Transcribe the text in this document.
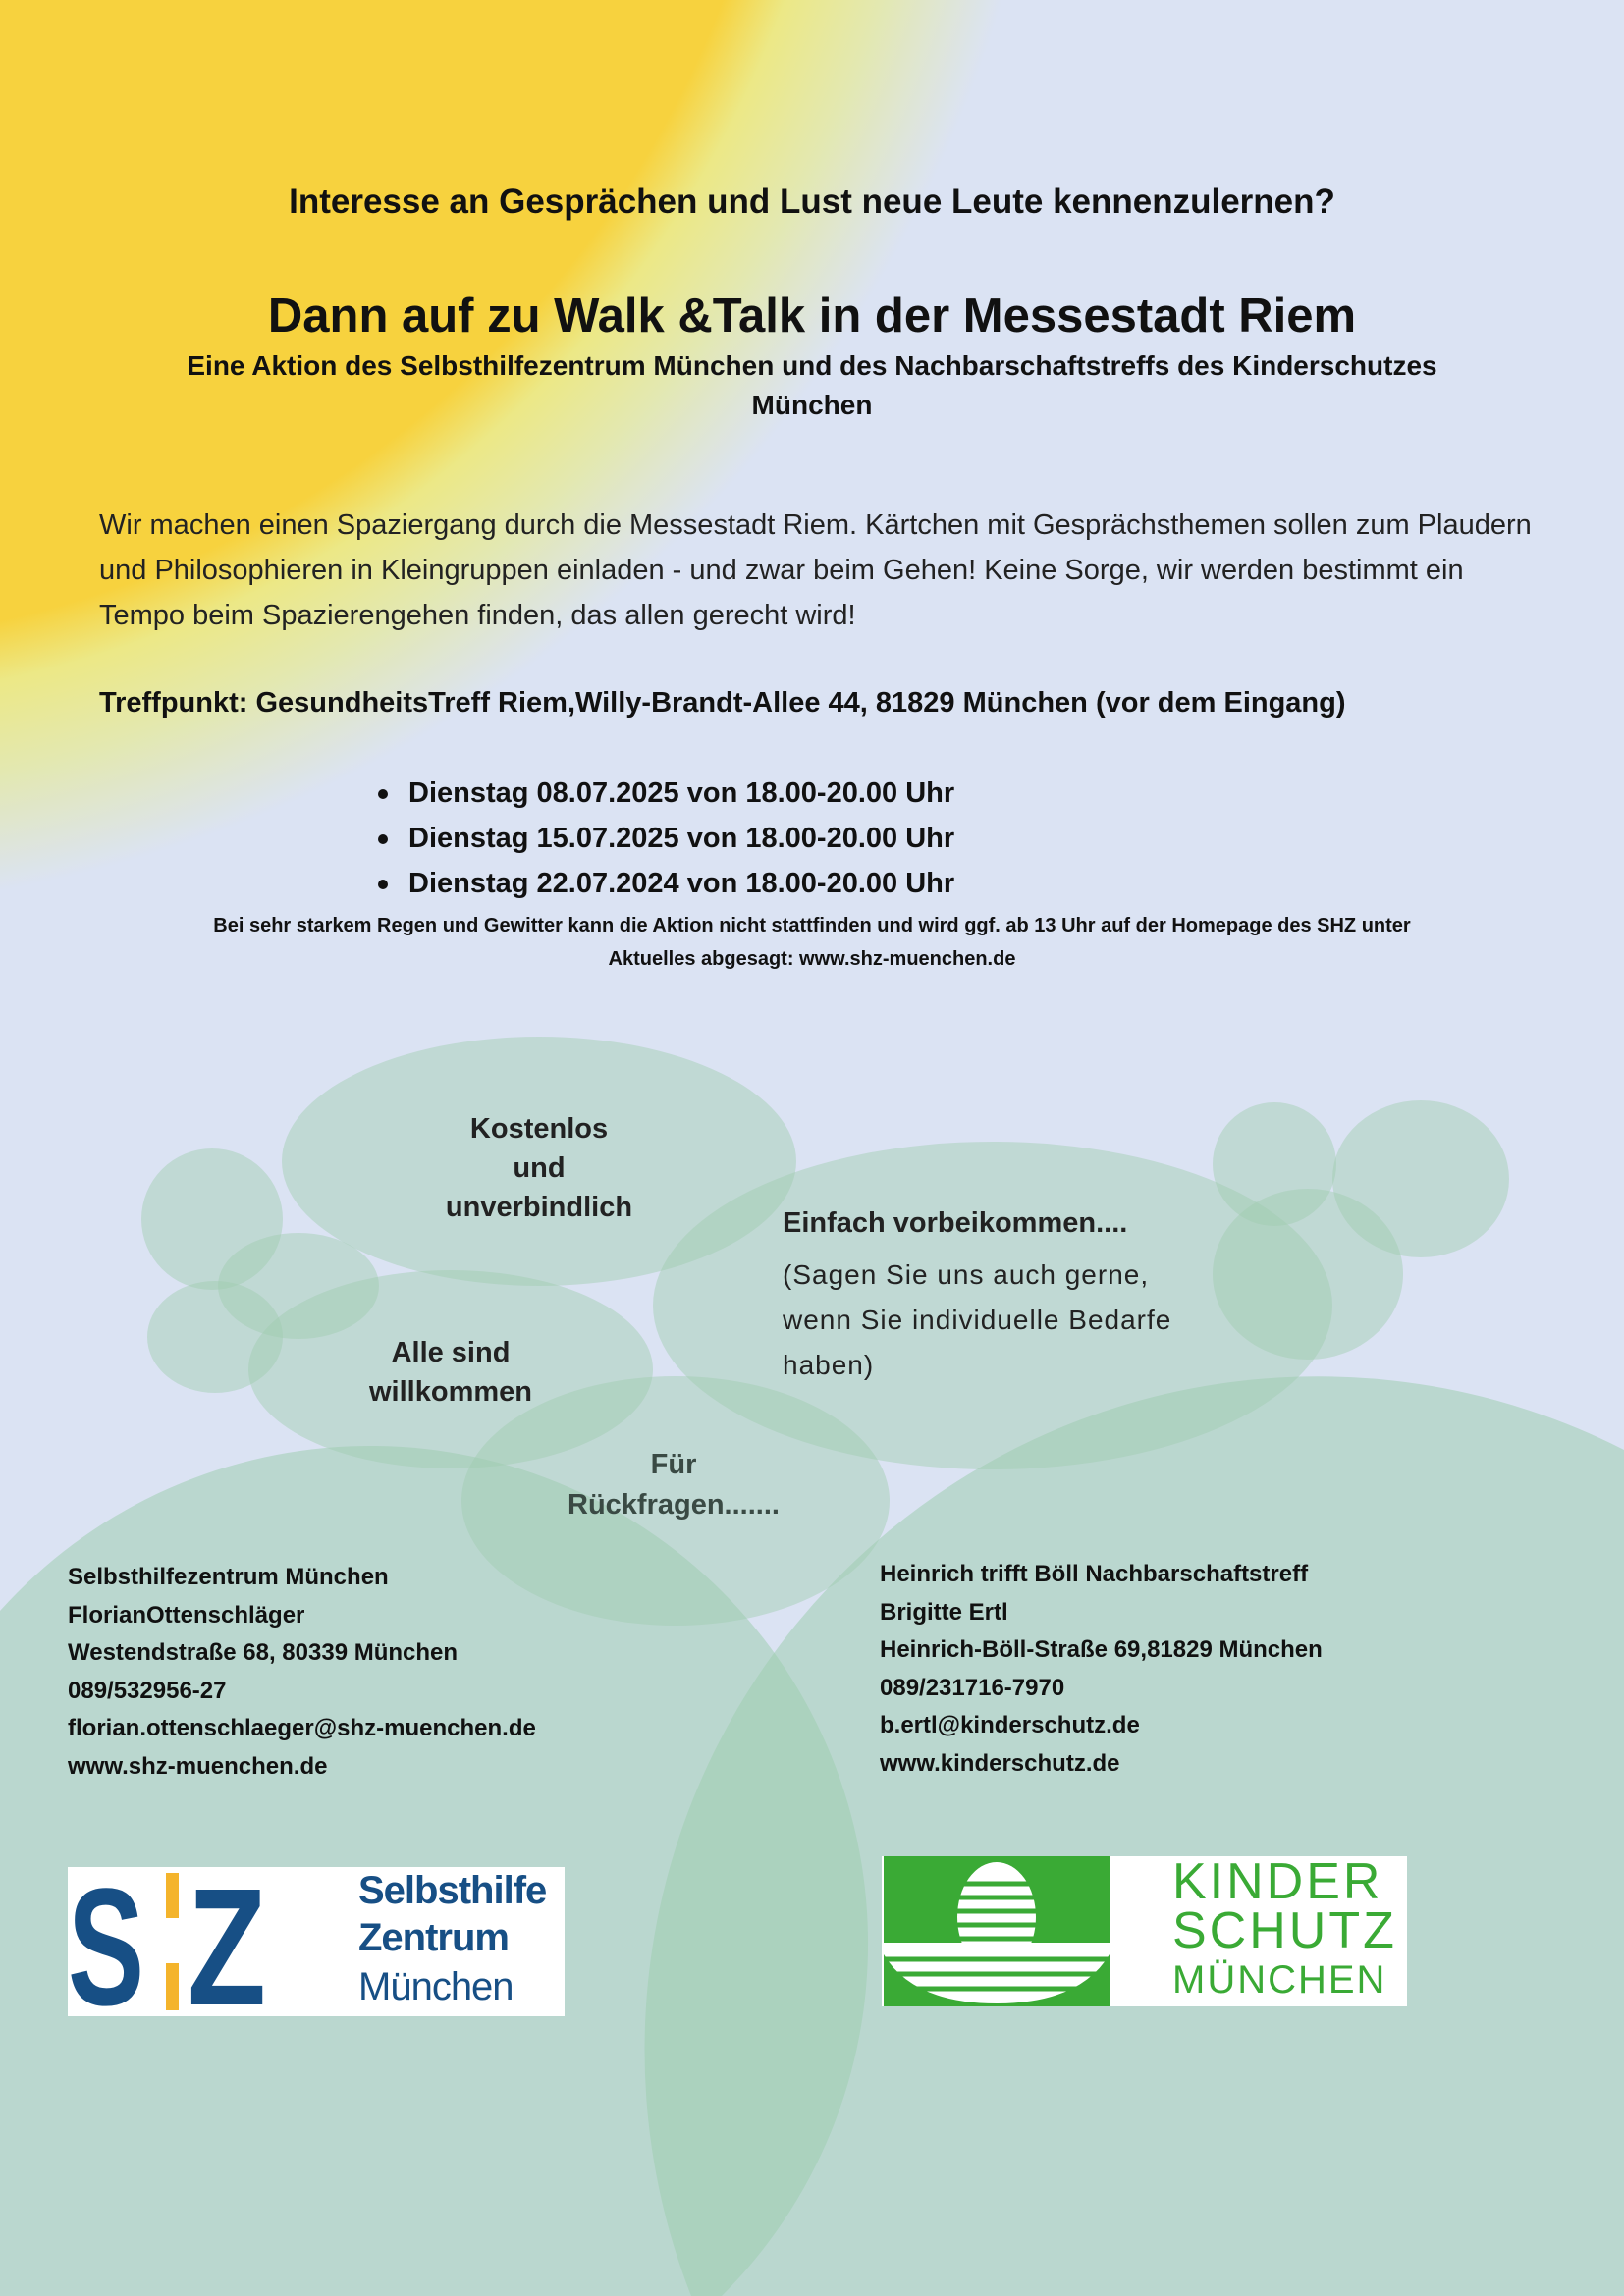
Interesse an Gesprächen und Lust neue Leute kennenzulernen?
Dann auf zu Walk &Talk in der Messestadt Riem
Eine Aktion des Selbsthilfezentrum München und des Nachbarschaftstreffs des Kinderschutzes
München
Wir machen einen Spaziergang durch die Messestadt Riem. Kärtchen mit Gesprächsthemen sollen zum Plaudern und Philosophieren in Kleingruppen einladen - und zwar beim Gehen! Keine Sorge, wir werden bestimmt ein Tempo beim Spazierengehen finden, das allen gerecht wird!
Treffpunkt: GesundheitsTreff Riem,Willy-Brandt-Allee 44, 81829 München (vor dem Eingang)
Dienstag 08.07.2025 von 18.00-20.00 Uhr
Dienstag 15.07.2025 von 18.00-20.00 Uhr
Dienstag 22.07.2024 von 18.00-20.00 Uhr
Bei sehr starkem Regen und Gewitter kann die Aktion nicht stattfinden und wird ggf. ab 13 Uhr auf der Homepage des SHZ unter
Aktuelles abgesagt: www.shz-muenchen.de
Kostenlos
und
unverbindlich	Einfach vorbeikommen....
(Sagen Sie uns auch gerne,
wenn Sie individuelle Bedarfe
haben)
Alle sind
willkommen
Für
Rückfragen.......
Selbsthilfezentrum München
FlorianOttenschläger
Westendstraße 68, 80339 München
089/532956-27
florian.ottenschlaeger@shz-muenchen.de
www.shz-muenchen.de
Heinrich trifft Böll Nachbarschaftstreff
Brigitte Ertl
Heinrich-Böll-Straße 69,81829 München
089/231716-7970
b.ertl@kinderschutz.de
www.kinderschutz.de
S Z Selbsthilfe
Zentrum
München
KINDER
SCHUTZ
MÜNCHEN
